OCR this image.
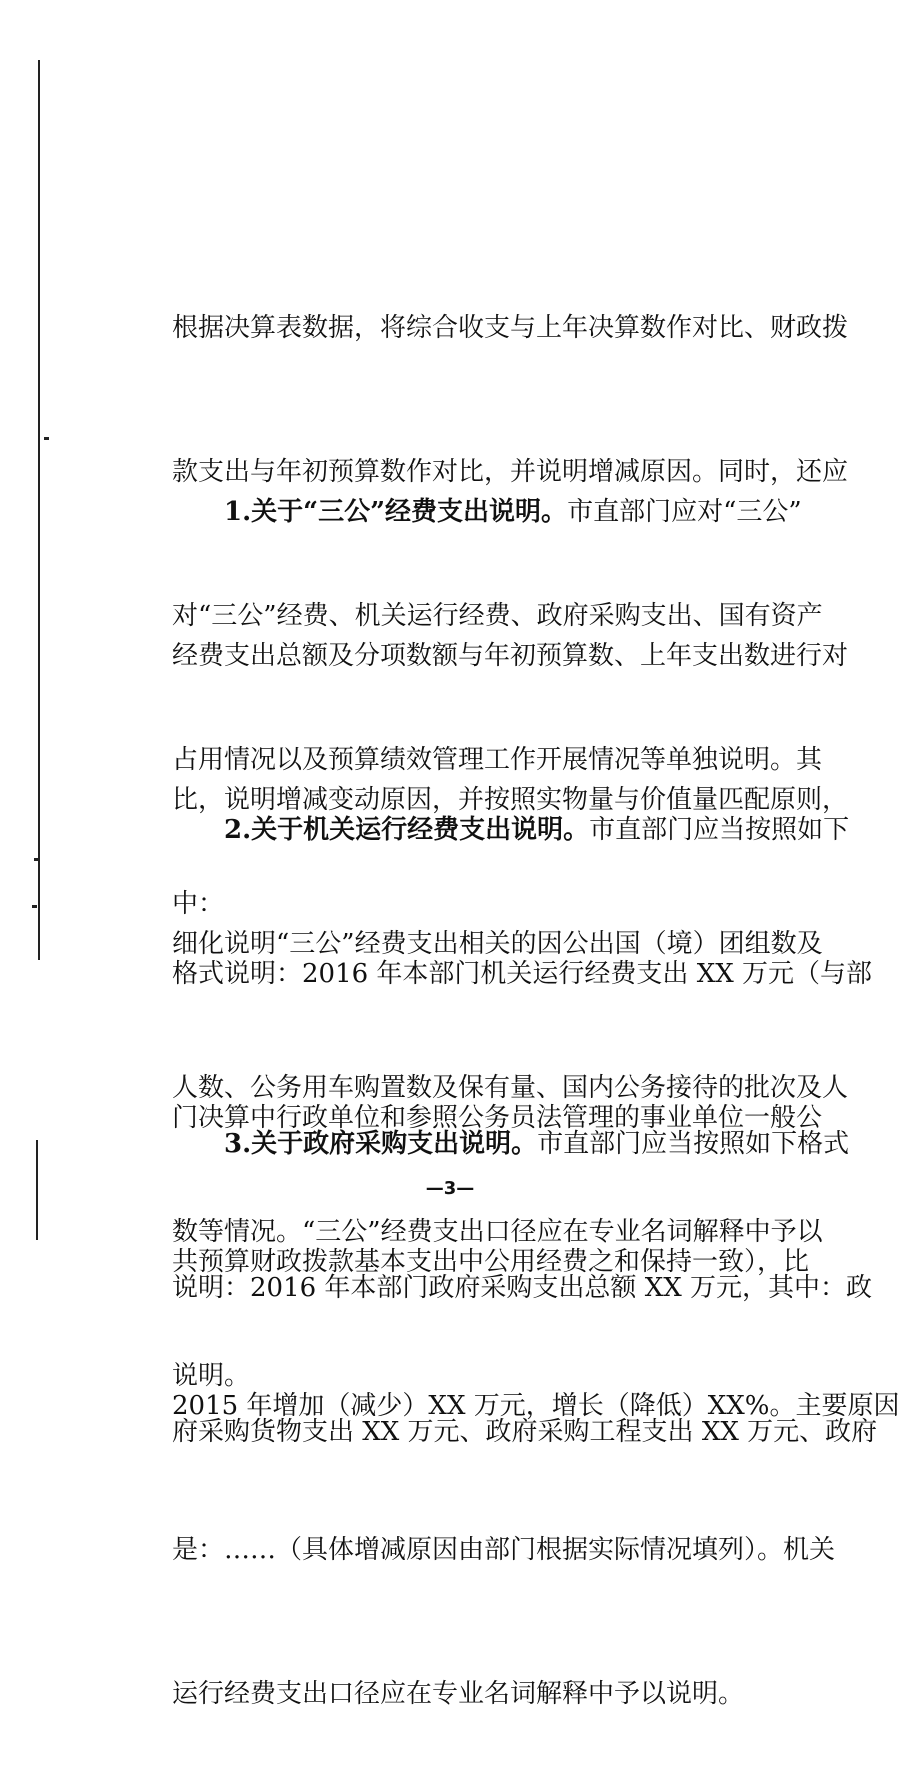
根据决算表数据，将综合收支与上年决算数作对比、财政拨

款支出与年初预算数作对比，并说明增减原因。同时，还应

对“三公”经费、机关运行经费、政府采购支出、国有资产

占用情况以及预算绩效管理工作开展情况等单独说明。其

中：

1.关于“三公”经费支出说明。市直部门应对“三公”

经费支出总额及分项数额与年初预算数、上年支出数进行对

比，说明增减变动原因，并按照实物量与价值量匹配原则，

细化说明“三公”经费支出相关的因公出国（境）团组数及

人数、公务用车购置数及保有量、国内公务接待的批次及人

数等情况。“三公”经费支出口径应在专业名词解释中予以

说明。

2.关于机关运行经费支出说明。市直部门应当按照如下

格式说明：2016 年本部门机关运行经费支出 XX 万元（与部

门决算中行政单位和参照公务员法管理的事业单位一般公

共预算财政拨款基本支出中公用经费之和保持一致），比

2015 年增加（减少）XX 万元，增长（降低）XX%。主要原因

是：……（具体增减原因由部门根据实际情况填列）。机关

运行经费支出口径应在专业名词解释中予以说明。

3.关于政府采购支出说明。市直部门应当按照如下格式

说明：2016 年本部门政府采购支出总额 XX 万元，其中：政

府采购货物支出 XX 万元、政府采购工程支出 XX 万元、政府

—3—
